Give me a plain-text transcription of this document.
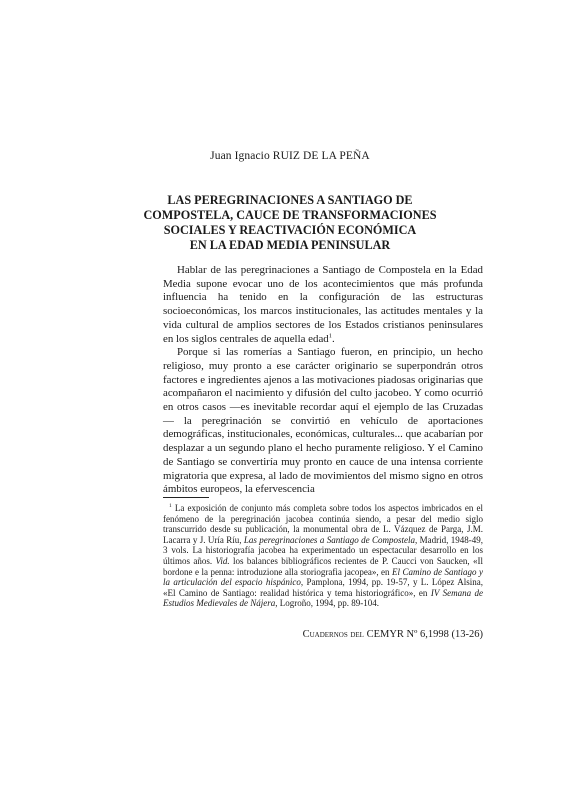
Juan Ignacio RUIZ DE LA PEÑA
LAS PEREGRINACIONES A SANTIAGO DE
COMPOSTELA, CAUCE DE TRANSFORMACIONES
SOCIALES Y REACTIVACIÓN ECONÓMICA
EN LA EDAD MEDIA PENINSULAR

Hablar de las peregrinaciones a Santiago de Compostela en la Edad Media supone evocar uno de los acontecimientos que más profunda influencia ha tenido en la configuración de las estructuras socioeconómicas, los marcos institucionales, las actitudes mentales y la vida cultural de amplios sectores de los Estados cristianos peninsulares en los siglos centrales de aquella edad$^1$.

Porque si las romerías a Santiago fueron, en principio, un hecho religioso, muy pronto a ese carácter originario se superpondrán otros factores e ingredientes ajenos a las motivaciones piadosas originarias que acompañaron el nacimiento y difusión del culto jacobeo. Y como ocurrió en otros casos —es inevitable recordar aquí el ejemplo de las Cruzadas— la peregrinación se convirtió en vehículo de aportaciones demográficas, institucionales, económicas, culturales... que acabarían por desplazar a un segundo plano el hecho puramente religioso. Y el Camino de Santiago se convertiría muy pronto en cauce de una intensa corriente migratoria que expresa, al lado de movimientos del mismo signo en otros ámbitos europeos, la efervescencia

$^1$ La exposición de conjunto más completa sobre todos los aspectos imbricados en el fenómeno de la peregrinación jacobea continúa siendo, a pesar del medio siglo transcurrido desde su publicación, la monumental obra de L. Vázquez de Parga, J.M. Lacarra y J. Uría Ríu, Las peregrinaciones a Santiago de Compostela, Madrid, 1948-49, 3 vols. La historiografía jacobea ha experimentado un espectacular desarrollo en los últimos años. Vid. los balances bibliográficos recientes de P. Caucci von Saucken, «Il bordone e la penna: introduzione alla storiografia jacopea», en El Camino de Santiago y la articulación del espacio hispánico, Pamplona, 1994, pp. 19-57, y L. López Alsina, «El Camino de Santiago: realidad histórica y tema historiográfico», en IV Semana de Estudios Medievales de Nájera, Logroño, 1994, pp. 89-104.

Cuadernos del CEMYR Nº 6,1998 (13-26)
